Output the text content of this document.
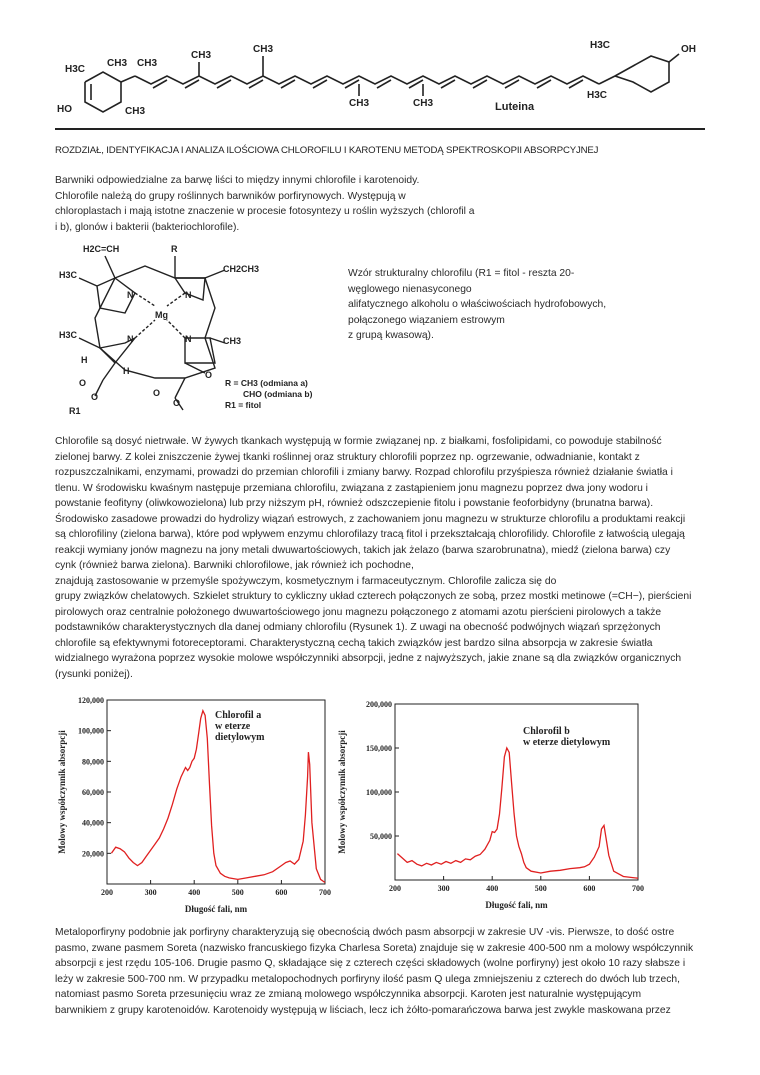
H3C
CH3 CH3
CH3
HO	CH3
CH3
CH3
H3C
CH3
H3C
OH
Luteina
ROZDZIAŁ, IDENTYFIKACJA I ANALIZA ILOŚCIOWA CHLOROFILU I KAROTENU METODĄ SPEKTROSKOPII ABSORPCYJNEJ
Barwniki odpowiedzialne za barwę liści to między innymi chlorofile i karotenoidy.
Chlorofile należą do grupy roślinnych barwników porfirynowych. Występują w
chloroplastach i mają istotne znaczenie w procesie fotosyntezy u roślin wyższych (chlorofil a
i b), glonów i bakterii (bakteriochlorofile).
H2C=CH	R
H3C
CH2CH3
N	N
Mg
N	N
H3C
CH3
H
H	O
O
O	O
O
R1
R = CH3 (odmiana a)
CHO (odmiana b)
R1 = fitol
Wzór strukturalny chlorofilu (R1 = fitol - reszta 20-
węglowego nienasyconego
alifatycznego alkoholu o właściwościach hydrofobowych,
połączonego wiązaniem estrowym
z grupą kwasową).
Chlorofile są dosyć nietrwałe. W żywych tkankach występują w formie związanej np. z białkami, fosfolipidami, co powoduje stabilność
zielonej barwy. Z kolei zniszczenie żywej tkanki roślinnej oraz struktury chlorofili poprzez np. ogrzewanie, odwadnianie, kontakt z
rozpuszczalnikami, enzymami, prowadzi do przemian chlorofili i zmiany barwy. Rozpad chlorofilu przyśpiesza również działanie światła i
tlenu. W środowisku kwaśnym następuje przemiana chlorofilu, związana z zastąpieniem jonu magnezu poprzez dwa jony wodoru i
powstanie feofityny (oliwkowozielona) lub przy niższym pH, również odszczepienie fitolu i powstanie feoforbidyny (brunatna barwa).
Środowisko zasadowe prowadzi do hydrolizy wiązań estrowych, z zachowaniem jonu magnezu w strukturze chlorofilu a produktami reakcji
są chlorofiliny (zielona barwa), które pod wpływem enzymu chlorofilazy tracą fitol i przekształcają chlorofilidy. Chlorofile z łatwością ulegają
reakcji wymiany jonów magnezu na jony metali dwuwartościowych, takich jak żelazo (barwa szarobrunatna), miedź (zielona barwa) czy
cynk (również barwa zielona). Barwniki chlorofilowe, jak również ich pochodne,
znajdują zastosowanie w przemyśle spożywczym, kosmetycznym i farmaceutycznym. Chlorofile zalicza się do
grupy związków chelatowych. Szkielet struktury to cykliczny układ czterech połączonych ze sobą, przez mostki metinowe (=CH−), pierścieni
pirolowych oraz centralnie położonego dwuwartościowego jonu magnezu połączonego z atomami azotu pierścieni pirolowych a także
podstawników charakterystycznych dla danej odmiany chlorofilu (Rysunek 1). Z uwagi na obecność podwójnych wiązań sprzężonych
chlorofile są efektywnymi fotoreceptorami. Charakterystyczną cechą takich związków jest bardzo silna absorpcja w zakresie światła
widzialnego wyrażona poprzez wysokie molowe współczynniki absorpcji, jedne z najwyższych, jakie znane są dla związków organicznych
(rysunki poniżej).
20,000
40,000
60,000
80,000
100,000
120,000
200	300	400	500	600	700
Długość fali, nm
Molowy współczynnik absorpcji
Chlorofil a
w eterze
dietylowym
50,000
100,000
150,000
200,000
200	300	400	500	600	700
Długość fali, nm
Molowy współczynnik absorpcji	Chlorofil b
w eterze dietylowym
Metaloporfiryny podobnie jak porfiryny charakteryzują się obecnością dwóch pasm absorpcji w zakresie UV -vis. Pierwsze, to dość ostre
pasmo, zwane pasmem Soreta (nazwisko francuskiego fizyka Charlesa Soreta) znajduje się w zakresie 400-500 nm a molowy współczynnik
absorpcji ε jest rzędu 105-106. Drugie pasmo Q, składające się z czterech części składowych (wolne porfiryny) jest około 10 razy słabsze i
leży w zakresie 500-700 nm. W przypadku metalopochodnych porfiryny ilość pasm Q ulega zmniejszeniu z czterech do dwóch lub trzech,
natomiast pasmo Soreta przesunięciu wraz ze zmianą molowego współczynnika absorpcji. Karoten jest naturalnie występującym
barwnikiem z grupy karotenoidów. Karotenoidy występują w liściach, lecz ich żółto-pomarańczowa barwa jest zwykle maskowana przez
